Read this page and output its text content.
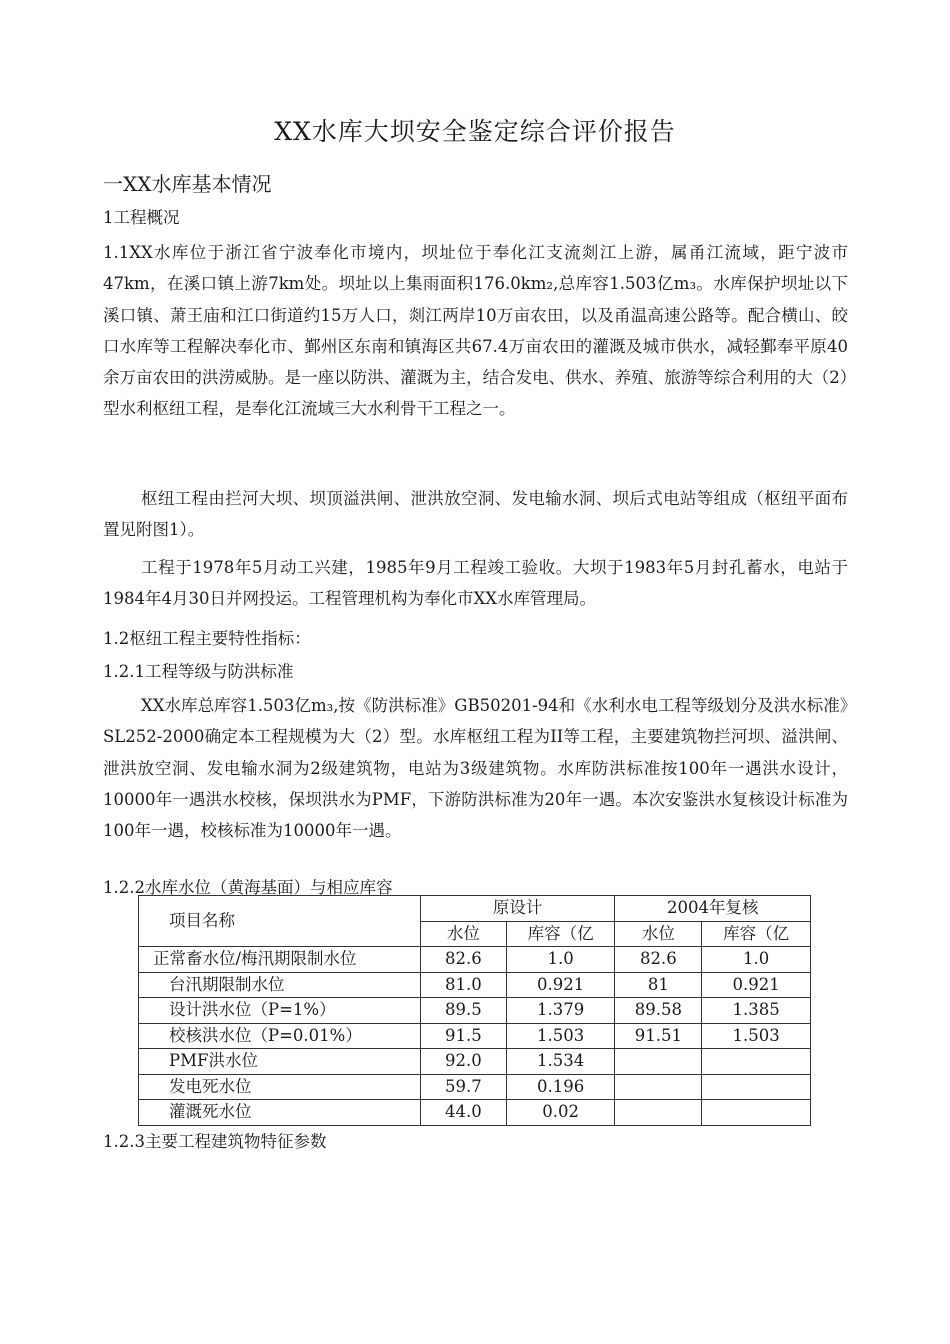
XX水库大坝安全鉴定综合评价报告
一XX水库基本情况
1工程概况
1.1XX水库位于浙江省宁波奉化市境内，坝址位于奉化江支流剡江上游，属甬江流域，距宁波市47km，在溪口镇上游7km处。坝址以上集雨面积176.0km₂,总库容1.503亿m₃。水库保护坝址以下溪口镇、萧王庙和江口街道约15万人口，剡江两岸10万亩农田，以及甬温高速公路等。配合横山、皎口水库等工程解决奉化市、鄞州区东南和镇海区共67.4万亩农田的灌溉及城市供水，减轻鄞奉平原40余万亩农田的洪涝威胁。是一座以防洪、灌溉为主，结合发电、供水、养殖、旅游等综合利用的大（2）型水利枢纽工程，是奉化江流域三大水利骨干工程之一。
枢纽工程由拦河大坝、坝顶溢洪闸、泄洪放空洞、发电输水洞、坝后式电站等组成（枢纽平面布置见附图1）。
工程于1978年5月动工兴建，1985年9月工程竣工验收。大坝于1983年5月封孔蓄水，电站于1984年4月30日并网投运。工程管理机构为奉化市XX水库管理局。
1.2枢纽工程主要特性指标：
1.2.1工程等级与防洪标准
XX水库总库容1.503亿m₃,按《防洪标准》GB50201-94和《水利水电工程等级划分及洪水标准》SL252-2000确定本工程规模为大（2）型。水库枢纽工程为II等工程，主要建筑物拦河坝、溢洪闸、泄洪放空洞、发电输水洞为2级建筑物，电站为3级建筑物。水库防洪标准按100年一遇洪水设计，10000年一遇洪水校核，保坝洪水为PMF，下游防洪标准为20年一遇。本次安鉴洪水复核设计标准为100年一遇，校核标准为10000年一遇。
1.2.2水库水位（黄海基面）与相应库容
项目名称	原设计		2004年复核	
	水位	库容（亿	水位	库容（亿
正常畜水位/梅汛期限制水位	82.6	1.0	82.6	1.0
台汛期限制水位	81.0	0.921	81	0.921
设计洪水位（P=1%）	89.5	1.379	89.58	1.385
校核洪水位（P=0.01%）	91.5	1.503	91.51	1.503
PMF洪水位	92.0	1.534		
发电死水位	59.7	0.196		
灌溉死水位	44.0	0.02		
1.2.3主要工程建筑物特征参数
